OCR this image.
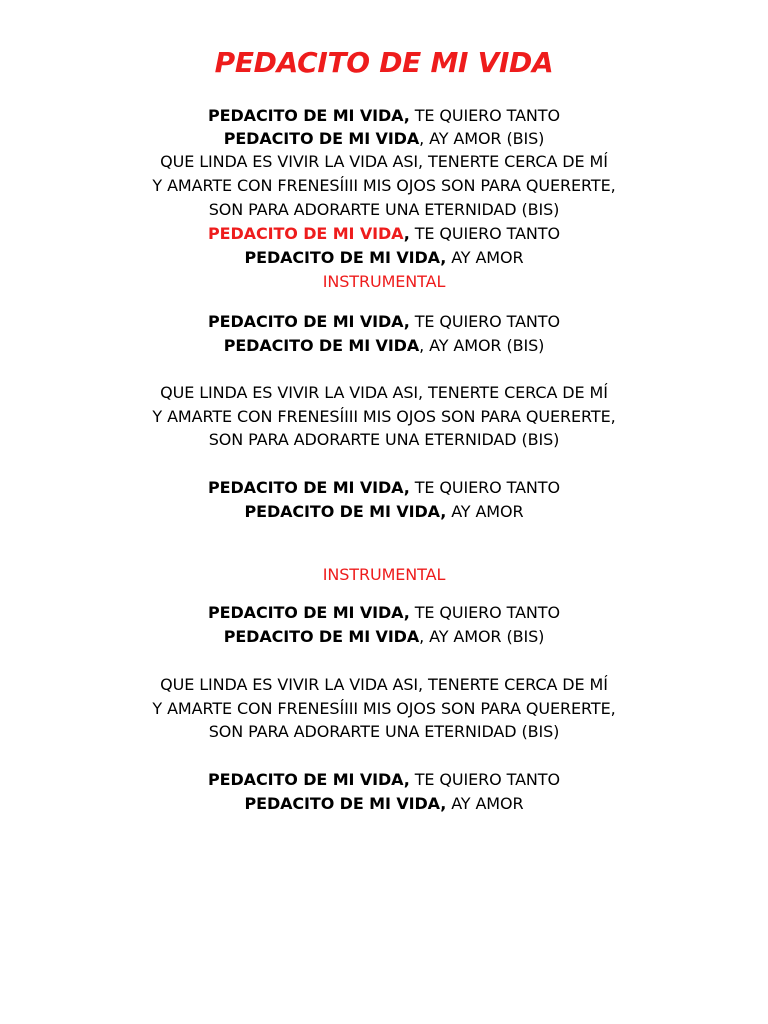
PEDACITO DE MI VIDA
PEDACITO DE MI VIDA, TE QUIERO TANTO
PEDACITO DE MI VIDA, AY AMOR (BIS)
QUE LINDA ES VIVIR LA VIDA ASI, TENERTE CERCA DE MÍ
Y AMARTE CON FRENESÍIII MIS OJOS SON PARA QUERERTE,
SON PARA ADORARTE UNA ETERNIDAD (BIS)
PEDACITO DE MI VIDA, TE QUIERO TANTO
PEDACITO DE MI VIDA, AY AMOR
INSTRUMENTAL
PEDACITO DE MI VIDA, TE QUIERO TANTO
PEDACITO DE MI VIDA, AY AMOR (BIS)
QUE LINDA ES VIVIR LA VIDA ASI, TENERTE CERCA DE MÍ
Y AMARTE CON FRENESÍIII MIS OJOS SON PARA QUERERTE,
SON PARA ADORARTE UNA ETERNIDAD (BIS)
PEDACITO DE MI VIDA, TE QUIERO TANTO
PEDACITO DE MI VIDA, AY AMOR
INSTRUMENTAL
PEDACITO DE MI VIDA, TE QUIERO TANTO
PEDACITO DE MI VIDA, AY AMOR (BIS)
QUE LINDA ES VIVIR LA VIDA ASI, TENERTE CERCA DE MÍ
Y AMARTE CON FRENESÍIII MIS OJOS SON PARA QUERERTE,
SON PARA ADORARTE UNA ETERNIDAD (BIS)
PEDACITO DE MI VIDA, TE QUIERO TANTO
PEDACITO DE MI VIDA, AY AMOR
